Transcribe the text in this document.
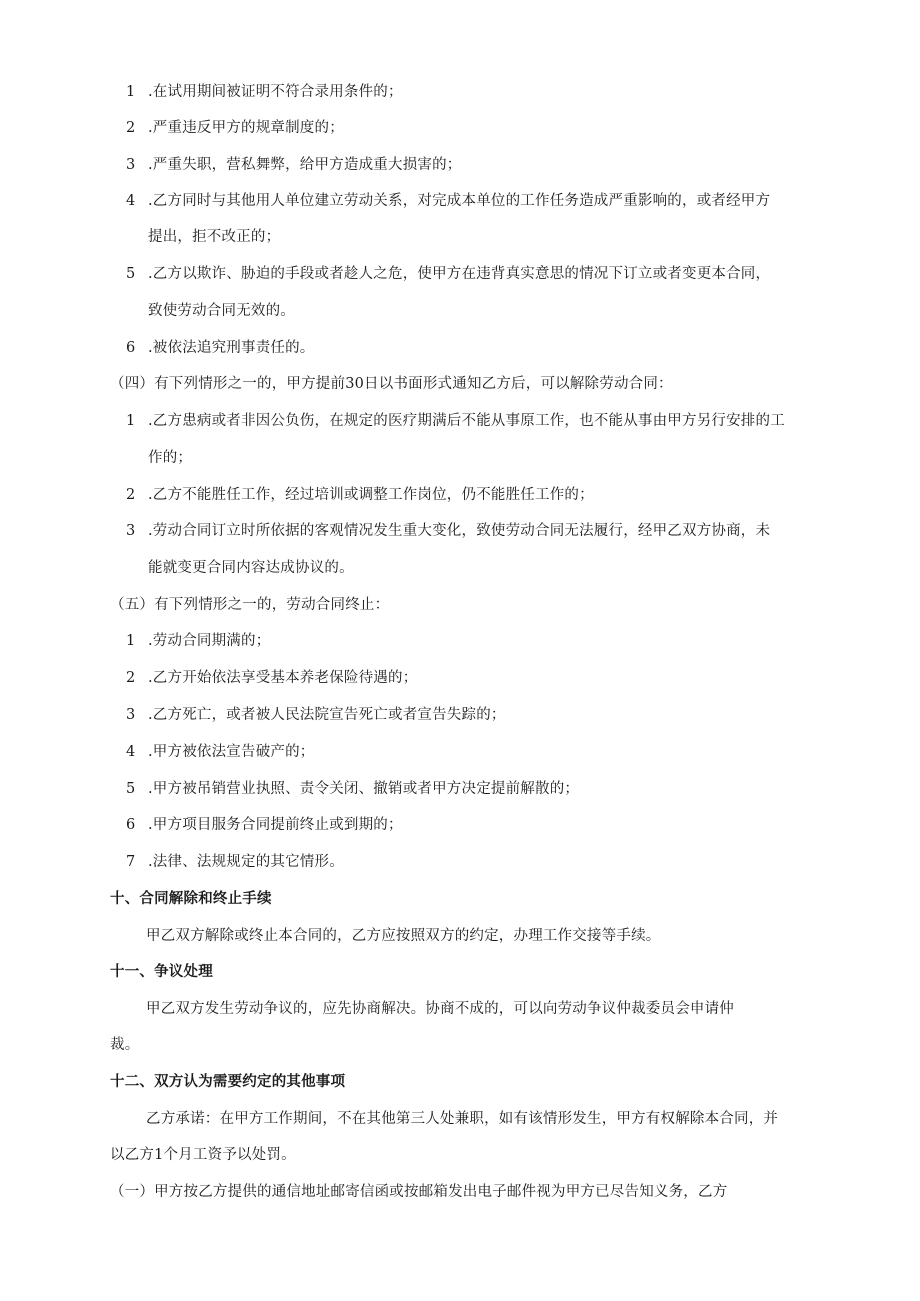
1 .在试用期间被证明不符合录用条件的；
2 .严重违反甲方的规章制度的；
3 .严重失职，营私舞弊，给甲方造成重大损害的；
4 .乙方同时与其他用人单位建立劳动关系，对完成本单位的工作任务造成严重影响的，或者经甲方
提出，拒不改正的；
5 .乙方以欺诈、胁迫的手段或者趁人之危，使甲方在违背真实意思的情况下订立或者变更本合同，
致使劳动合同无效的。
6 .被依法追究刑事责任的。
（四）有下列情形之一的，甲方提前30日以书面形式通知乙方后，可以解除劳动合同：
1 .乙方患病或者非因公负伤，在规定的医疗期满后不能从事原工作，也不能从事由甲方另行安排的工
作的；
2 .乙方不能胜任工作，经过培训或调整工作岗位，仍不能胜任工作的；
3 .劳动合同订立时所依据的客观情况发生重大变化，致使劳动合同无法履行，经甲乙双方协商，未
能就变更合同内容达成协议的。
（五）有下列情形之一的，劳动合同终止：
1 .劳动合同期满的；
2 .乙方开始依法享受基本养老保险待遇的；
3 .乙方死亡，或者被人民法院宣告死亡或者宣告失踪的；
4 .甲方被依法宣告破产的；
5 .甲方被吊销营业执照、责令关闭、撤销或者甲方决定提前解散的；
6 .甲方项目服务合同提前终止或到期的；
7 .法律、法规规定的其它情形。
十、合同解除和终止手续
甲乙双方解除或终止本合同的，乙方应按照双方的约定，办理工作交接等手续。
十一、争议处理
甲乙双方发生劳动争议的，应先协商解决。协商不成的，可以向劳动争议仲裁委员会申请仲
裁。
十二、双方认为需要约定的其他事项
乙方承诺：在甲方工作期间，不在其他第三人处兼职，如有该情形发生，甲方有权解除本合同，并
以乙方1个月工资予以处罚。
（一）甲方按乙方提供的通信地址邮寄信函或按邮箱发出电子邮件视为甲方已尽告知义务，乙方
